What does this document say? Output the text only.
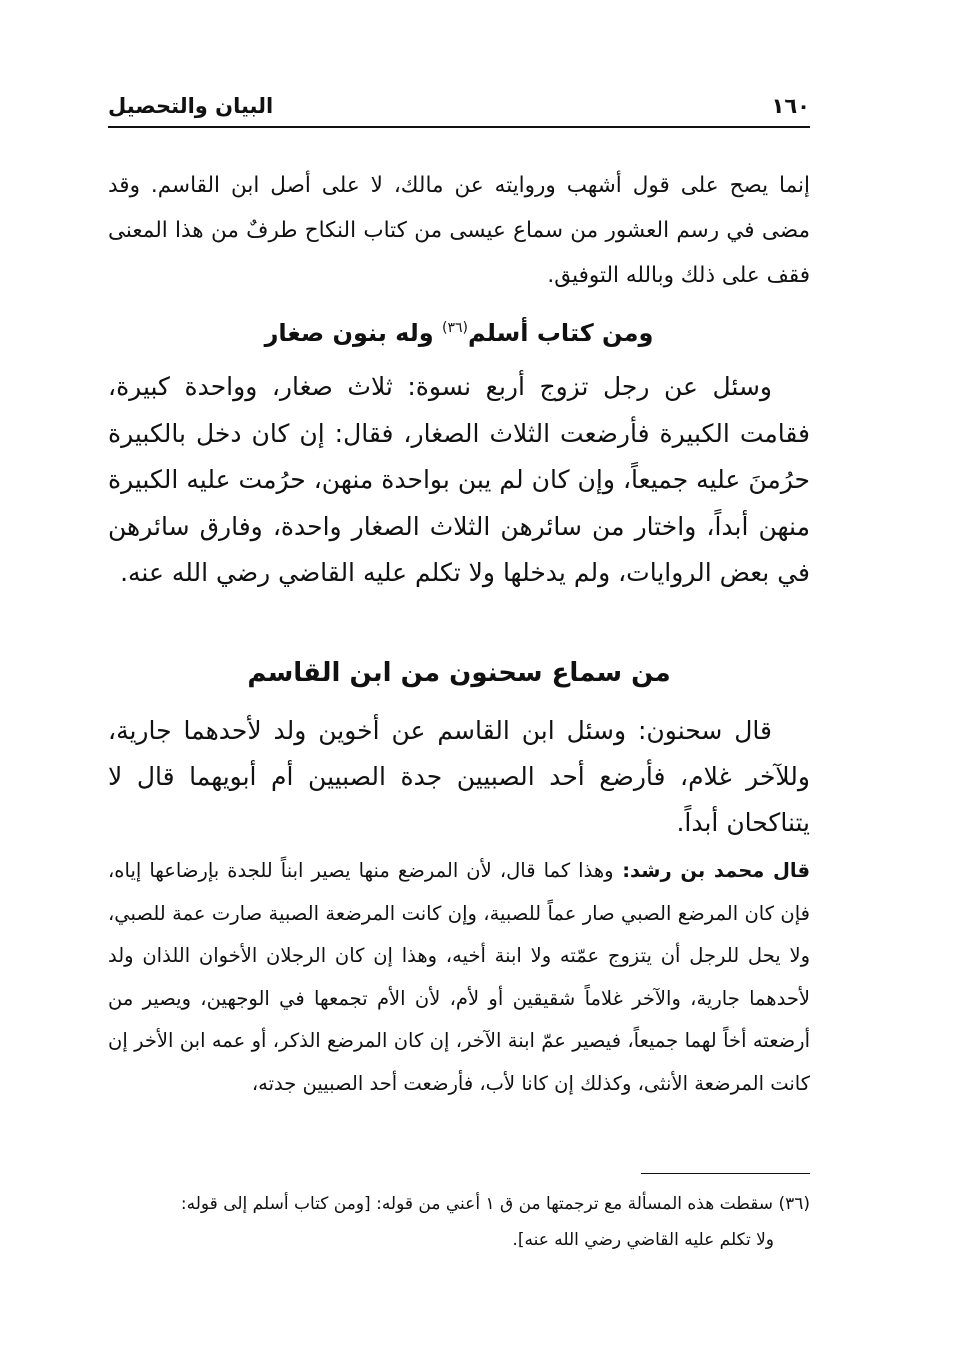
١٦٠
البيان والتحصيل

إنما يصح على قول أشهب وروايته عن مالك، لا على أصل ابن القاسم. وقد مضى في رسم العشور من سماع عيسى من كتاب النكاح طرفٌ من هذا المعنى فقف على ذلك وبالله التوفيق.

ومن كتاب أسلم$^{(٣٦)}$ وله بنون صغار

وسئل عن رجل تزوج أربع نسوة: ثلاث صغار، وواحدة كبيرة، فقامت الكبيرة فأرضعت الثلاث الصغار، فقال: إن كان دخل بالكبيرة حرُمنَ عليه جميعاً، وإن كان لم يبن بواحدة منهن، حرُمت عليه الكبيرة منهن أبداً، واختار من سائرهن الثلاث الصغار واحدة، وفارق سائرهن في بعض الروايات، ولم يدخلها ولا تكلم عليه القاضي رضي الله عنه.

من سماع سحنون من ابن القاسم

قال سحنون: وسئل ابن القاسم عن أخوين ولد لأحدهما جارية، وللآخر غلام، فأرضع أحد الصبيين جدة الصبيين أم أبويهما قال لا يتناكحان أبداً.

قال محمد بن رشد: وهذا كما قال، لأن المرضع منها يصير ابناً للجدة بإرضاعها إياه، فإن كان المرضع الصبي صار عماً للصبية، وإن كانت المرضعة الصبية صارت عمة للصبي، ولا يحل للرجل أن يتزوج عمّته ولا ابنة أخيه، وهذا إن كان الرجلان الأخوان اللذان ولد لأحدهما جارية، والآخر غلاماً شقيقين أو لأم، لأن الأم تجمعها في الوجهين، ويصير من أرضعته أخاً لهما جميعاً، فيصير عمّ ابنة الآخر، إن كان المرضع الذكر، أو عمه ابن الأخر إن كانت المرضعة الأنثى، وكذلك إن كانا لأب، فأرضعت أحد الصبيين جدته،

(٣٦) سقطت هذه المسألة مع ترجمتها من ق ١ أعني من قوله: [ومن كتاب أسلم إلى قوله:
ولا تكلم عليه القاضي رضي الله عنه].
